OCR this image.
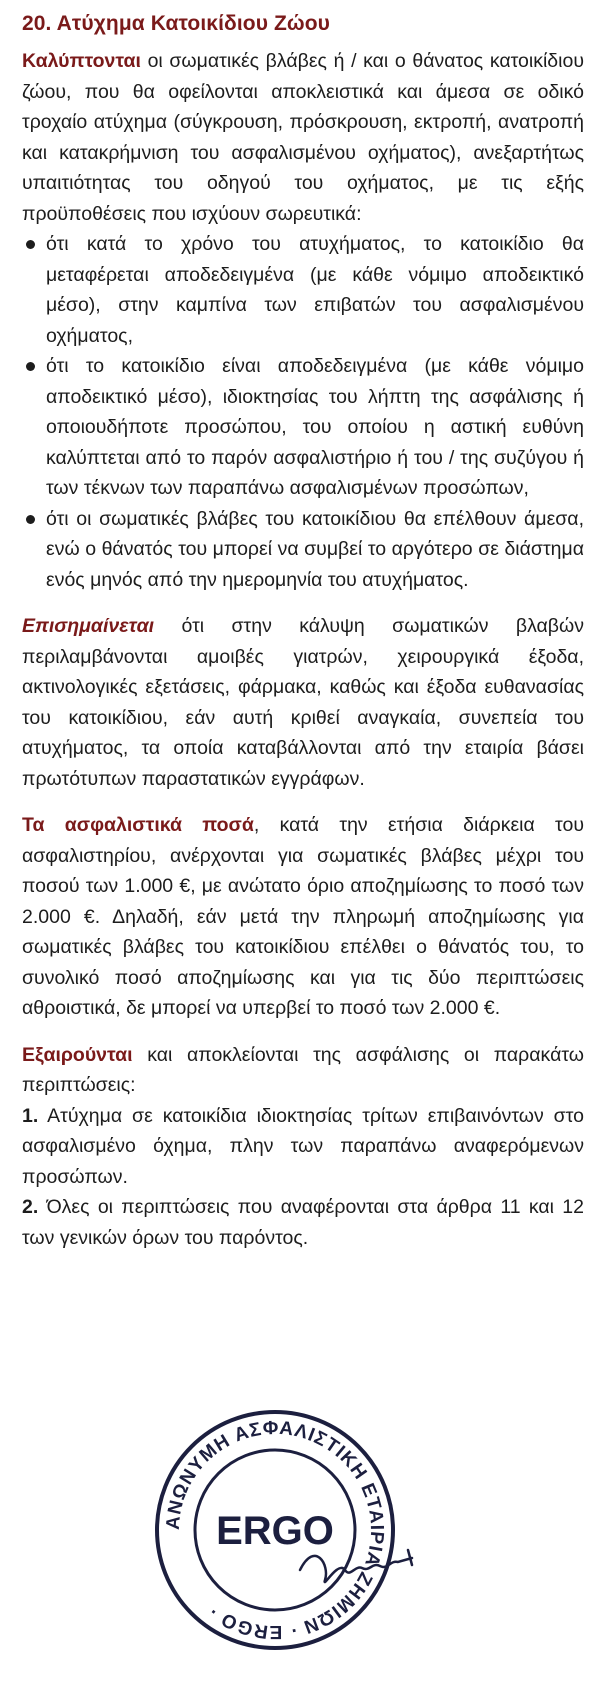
20. Ατύχημα Κατοικίδιου Ζώου

Καλύπτονται οι σωματικές βλάβες ή / και ο θάνατος κατοικίδιου ζώου, που θα οφείλονται αποκλειστικά και άμεσα σε οδικό τροχαίο ατύχημα (σύγκρουση, πρόσκρουση, εκτροπή, ανατροπή και κατακρήμνιση του ασφαλισμένου οχήματος), ανεξαρτήτως υπαιτιότητας του οδηγού του οχήματος, με τις εξής προϋποθέσεις που ισχύουν σωρευτικά:

ότι κατά το χρόνο του ατυχήματος, το κατοικίδιο θα μεταφέρεται αποδεδειγμένα (με κάθε νόμιμο αποδεικτικό μέσο), στην καμπίνα των επιβατών του ασφαλισμένου οχήματος,
ότι το κατοικίδιο είναι αποδεδειγμένα (με κάθε νόμιμο αποδεικτικό μέσο), ιδιοκτησίας του λήπτη της ασφάλισης ή οποιουδήποτε προσώπου, του οποίου η αστική ευθύνη καλύπτεται από το παρόν ασφαλιστήριο ή του / της συζύγου ή των τέκνων των παραπάνω ασφαλισμένων προσώπων,
ότι οι σωματικές βλάβες του κατοικίδιου θα επέλθουν άμεσα, ενώ ο θάνατός του μπορεί να συμβεί το αργότερο σε διάστημα ενός μηνός από την ημερομηνία του ατυχήματος.

Επισημαίνεται ότι στην κάλυψη σωματικών βλαβών περιλαμβάνονται αμοιβές γιατρών, χειρουργικά έξοδα, ακτινολογικές εξετάσεις, φάρμακα, καθώς και έξοδα ευθανασίας του κατοικίδιου, εάν αυτή κριθεί αναγκαία, συνεπεία του ατυχήματος, τα οποία καταβάλλονται από την εταιρία βάσει πρωτότυπων παραστατικών εγγράφων.

Τα ασφαλιστικά ποσά, κατά την ετήσια διάρκεια του ασφαλιστηρίου, ανέρχονται για σωματικές βλάβες μέχρι του ποσού των 1.000 €, με ανώτατο όριο αποζημίωσης το ποσό των 2.000 €. Δηλαδή, εάν μετά την πληρωμή αποζημίωσης για σωματικές βλάβες του κατοικίδιου επέλθει ο θάνατός του, το συνολικό ποσό αποζημίωσης και για τις δύο περιπτώσεις αθροιστικά, δε μπορεί να υπερβεί το ποσό των 2.000 €.

Εξαιρούνται και αποκλείονται της ασφάλισης οι παρακάτω περιπτώσεις:

1. Ατύχημα σε κατοικίδια ιδιοκτησίας τρίτων επιβαινόντων στο ασφαλισμένο όχημα, πλην των παραπάνω αναφερόμενων προσώπων.
2. Όλες οι περιπτώσεις που αναφέρονται στα άρθρα 11 και 12 των γενικών όρων του παρόντος.
ΑΝΩΝΥΜΗ ΑΣΦΑΛΙΣΤΙΚΗ ΕΤΑΙΡΙΑ ΖΗΜΙΩΝ · ERGO ·
ERGO
